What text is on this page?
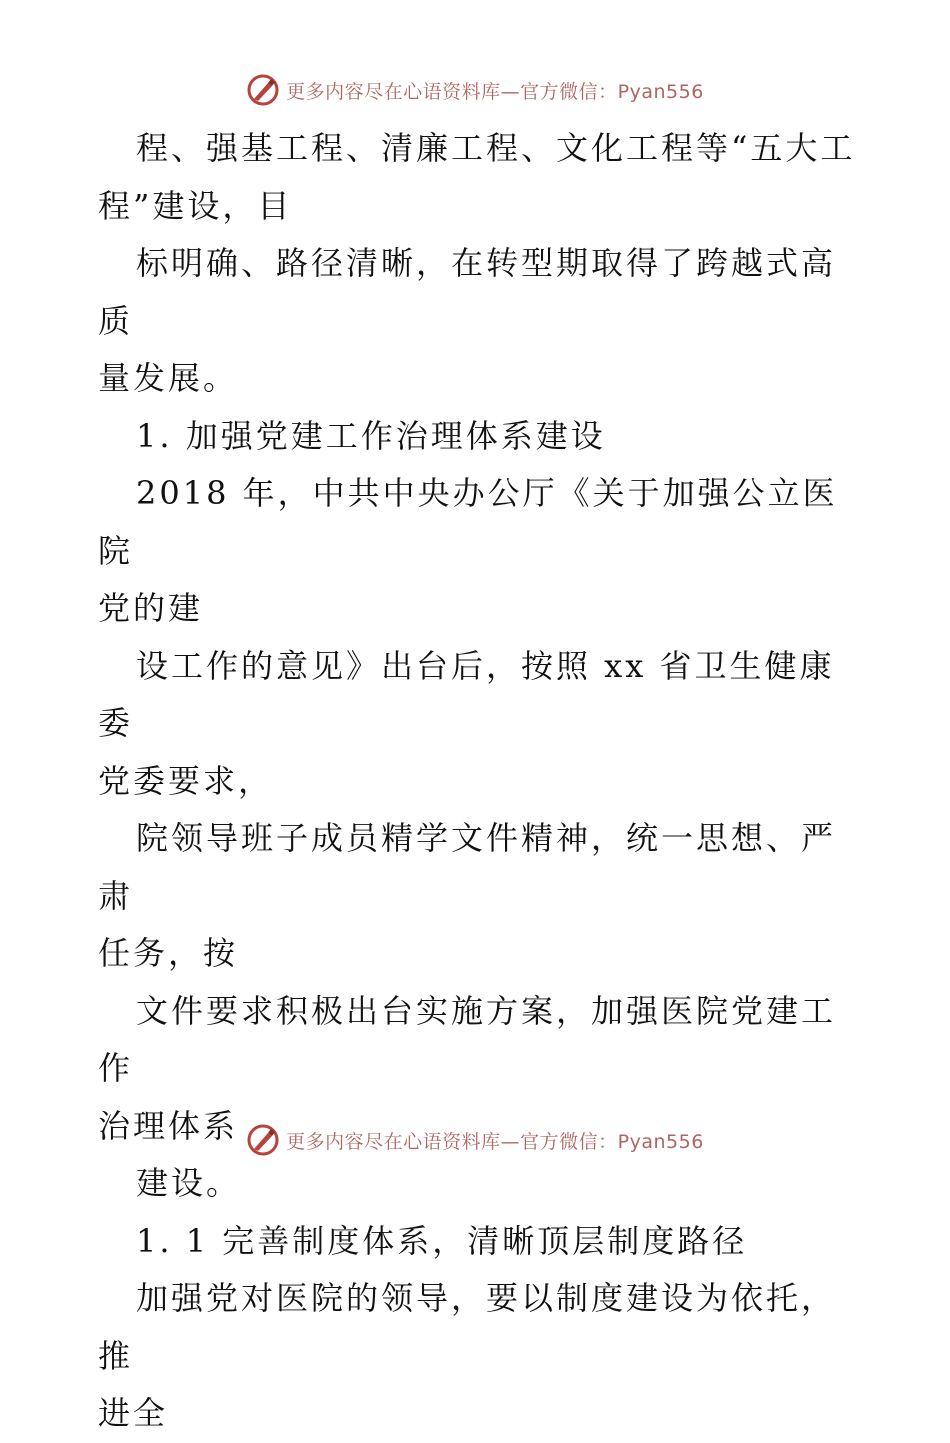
更多内容尽在心语资料库—官方微信：Pyan556

程、强基工程、清廉工程、文化工程等“五大工

程”建设，目

标明确、路径清晰，在转型期取得了跨越式高质

量发展。

1. 加强党建工作治理体系建设

2018 年，中共中央办公厅《关于加强公立医院

党的建

设工作的意见》出台后，按照 xx 省卫生健康委

党委要求，

院领导班子成员精学文件精神，统一思想、严肃

任务，按

文件要求积极出台实施方案，加强医院党建工作

治理体系

建设。

1. 1 完善制度体系，清晰顶层制度路径

加强党对医院的领导，要以制度建设为依托，推

进全

更多内容尽在心语资料库—官方微信：Pyan556
